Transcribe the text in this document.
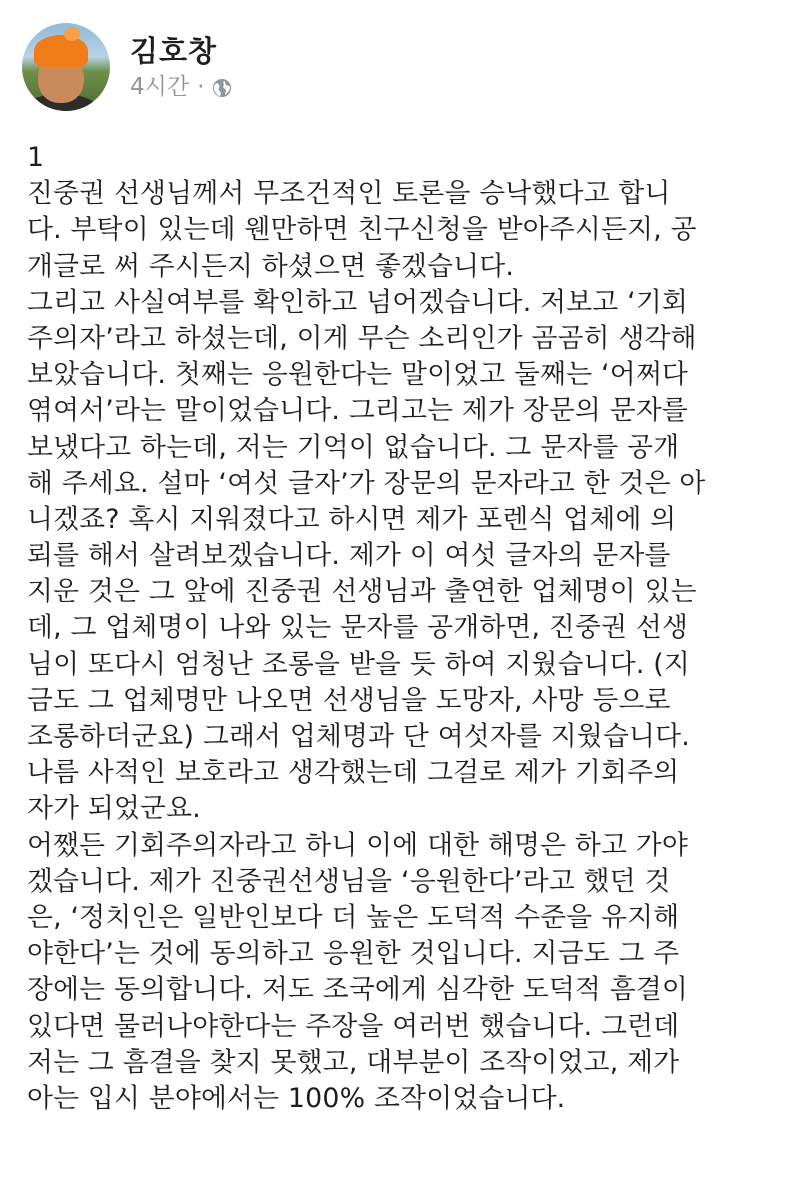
김호창
4시간 ·
1
진중권 선생님께서 무조건적인 토론을 승낙했다고 합니
다. 부탁이 있는데 웬만하면 친구신청을 받아주시든지, 공
개글로 써 주시든지 하셨으면 좋겠습니다.
그리고 사실여부를 확인하고 넘어겠습니다. 저보고 ‘기회
주의자’라고 하셨는데, 이게 무슨 소리인가 곰곰히 생각해
보았습니다. 첫째는 응원한다는 말이었고 둘째는 ‘어쩌다
엮여서’라는 말이었습니다. 그리고는 제가 장문의 문자를
보냈다고 하는데, 저는 기억이 없습니다. 그 문자를 공개
해 주세요. 설마 ‘여섯 글자’가 장문의 문자라고 한 것은 아
니겠죠? 혹시 지워졌다고 하시면 제가 포렌식 업체에 의
뢰를 해서 살려보겠습니다. 제가 이 여섯 글자의 문자를
지운 것은 그 앞에 진중권 선생님과 출연한 업체명이 있는
데, 그 업체명이 나와 있는 문자를 공개하면, 진중권 선생
님이 또다시 엄청난 조롱을 받을 듯 하여 지웠습니다. (지
금도 그 업체명만 나오면 선생님을 도망자, 사망 등으로
조롱하더군요) 그래서 업체명과 단 여섯자를 지웠습니다.
나름 사적인 보호라고 생각했는데 그걸로 제가 기회주의
자가 되었군요.
어쨌든 기회주의자라고 하니 이에 대한 해명은 하고 가야
겠습니다. 제가 진중권선생님을 ‘응원한다’라고 했던 것
은, ‘정치인은 일반인보다 더 높은 도덕적 수준을 유지해
야한다’는 것에 동의하고 응원한 것입니다. 지금도 그 주
장에는 동의합니다. 저도 조국에게 심각한 도덕적 흠결이
있다면 물러나야한다는 주장을 여러번 했습니다. 그런데
저는 그 흠결을 찾지 못했고, 대부분이 조작이었고, 제가
아는 입시 분야에서는 100% 조작이었습니다.
